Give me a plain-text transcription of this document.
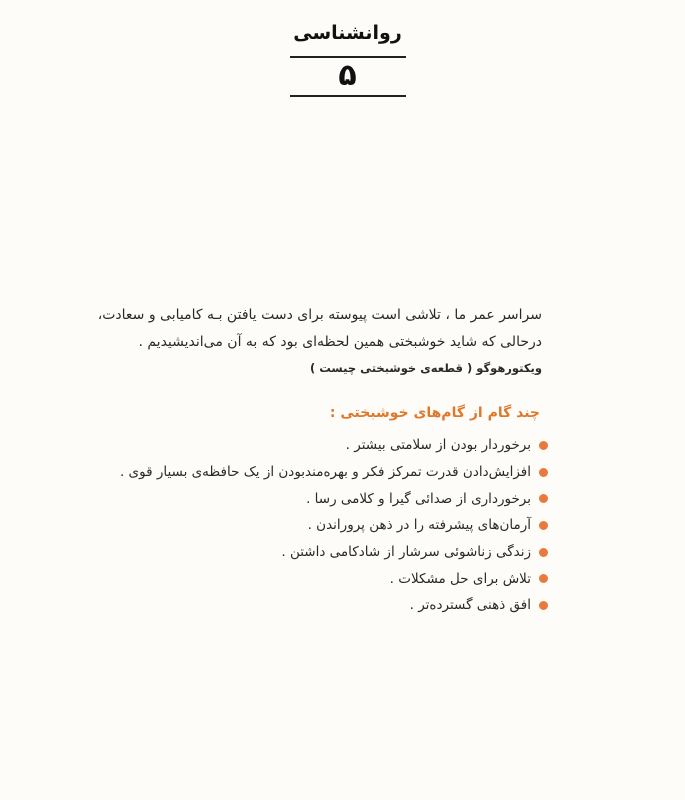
روانشناسی
۵
سراسر عمر ما ، تلاشی است پیوسته برای دست یافتن بـه کامیابی و سعادت،
درحالی که شاید خوشبختی همین لحظه‌ای بود که به آن می‌اندیشیدیم .
ویکتورهوگو ( قطعه‌ی خوشبختی چیست )
چند گام از گام‌های خوشبختی :
برخوردار بودن از سلامتی بیشتر .
افزایش‌دادن قدرت تمرکز فکر و بهره‌مندبودن از یک حافظه‌ی بسیار قوی .
برخورداری از صدائی گیرا و کلامی رسا .
آرمان‌های پیشرفته را در ذهن پروراندن .
زندگی زناشوئی سرشار از شادکامی داشتن .
تلاش برای حل مشکلات .
افق ذهنی گسترده‌تر .
